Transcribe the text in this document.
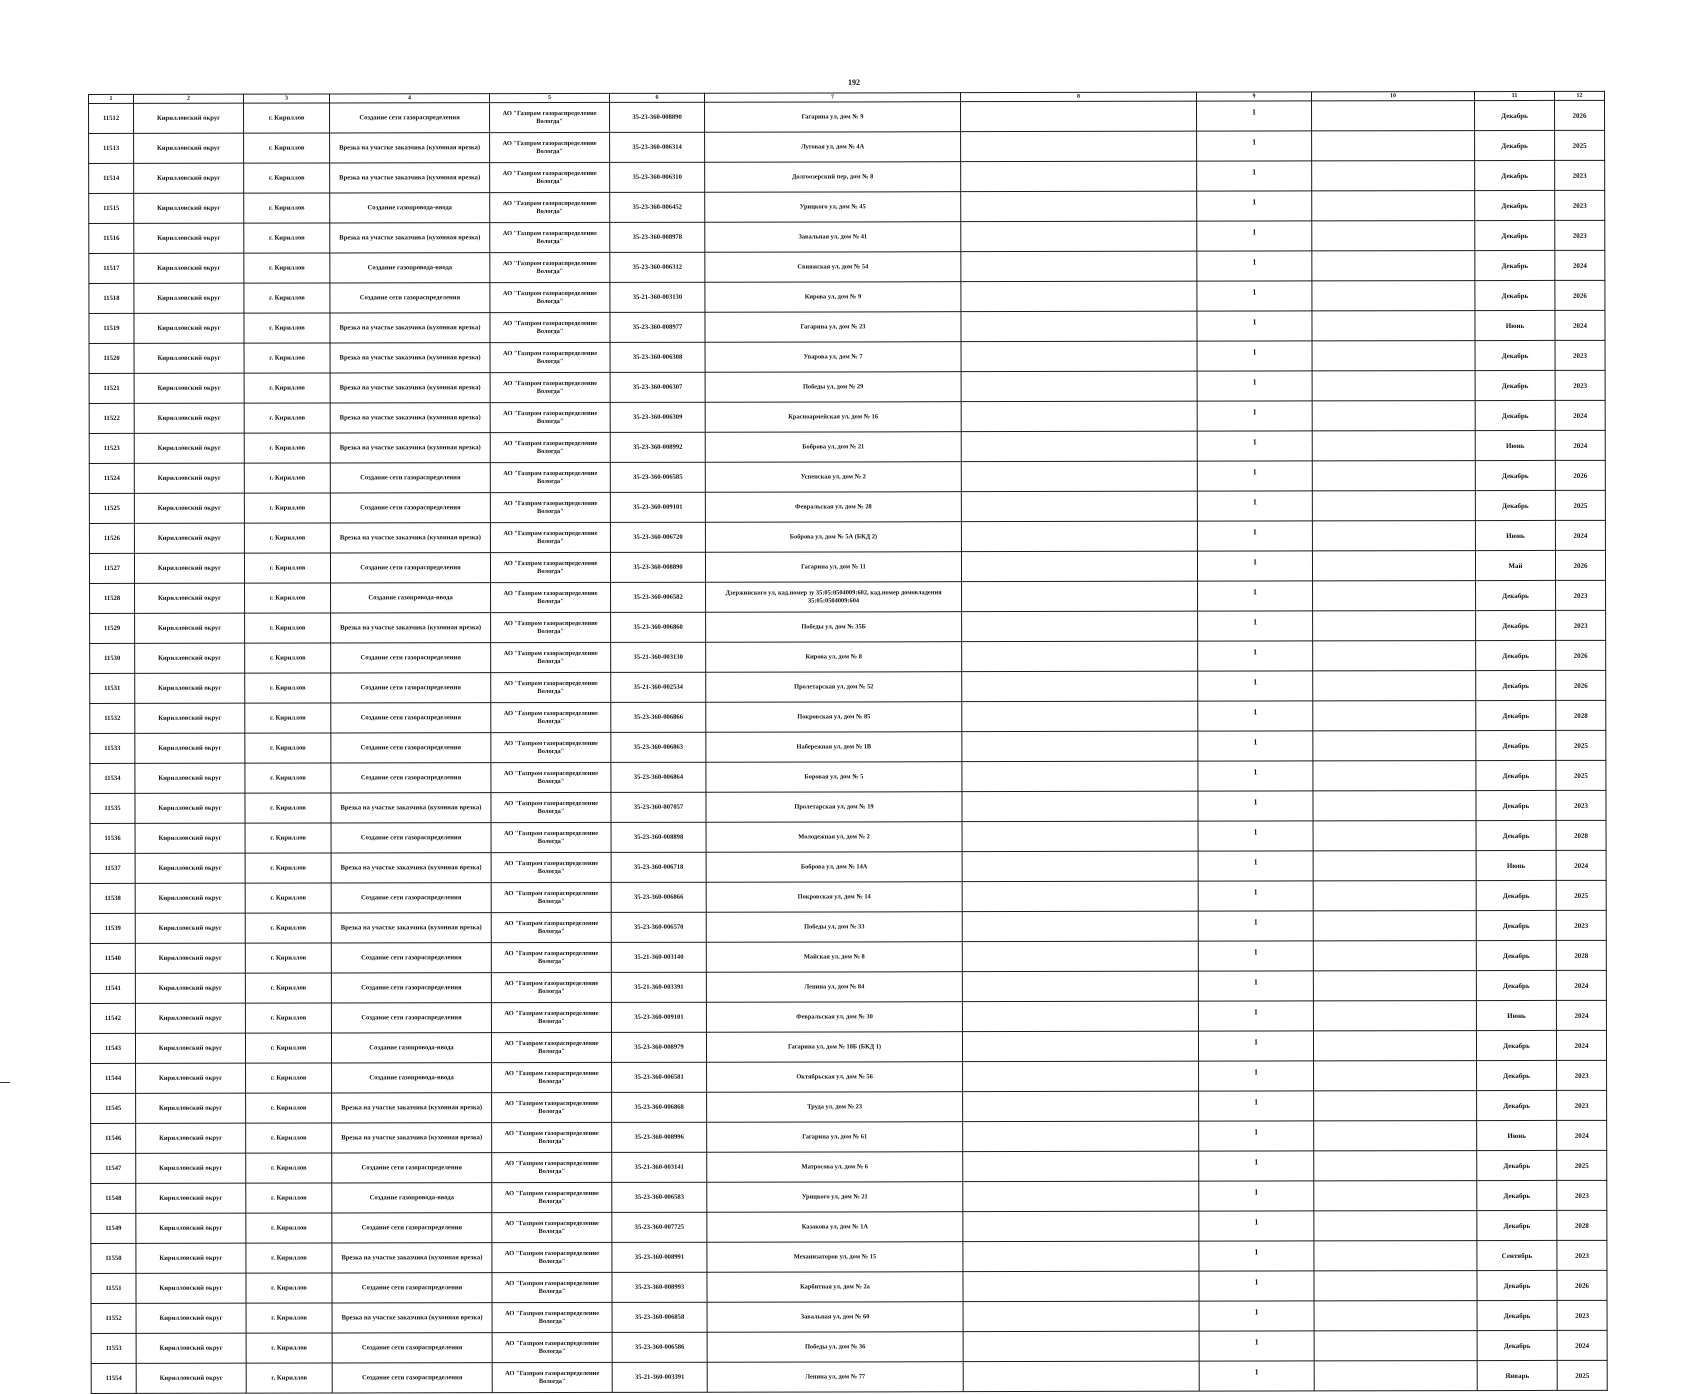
192
1	2	3	4	5	6	7	8	9	10	11	12
11512	Кирилловский округ	г. Кириллов	Создание сети газораспределения	АО "Газпром газораспределение Вологда"	35-23-360-008890	Гагарина ул, дом № 9		1		Декабрь	2026
11513	Кирилловский округ	г. Кириллов	Врезка на участке заказчика (кухонная врезка)	АО "Газпром газораспределение Вологда"	35-23-360-006314	Луговая ул, дом № 4А		1		Декабрь	2025
11514	Кирилловский округ	г. Кириллов	Врезка на участке заказчика (кухонная врезка)	АО "Газпром газораспределение Вологда"	35-23-360-006310	Долгоозерский пер, дом № 8		1		Декабрь	2023
11515	Кирилловский округ	г. Кириллов	Создание газопровода-ввода	АО "Газпром газораспределение Вологда"	35-23-360-006452	Урицкого ул, дом № 45		1		Декабрь	2023
11516	Кирилловский округ	г. Кириллов	Врезка на участке заказчика (кухонная врезка)	АО "Газпром газораспределение Вологда"	35-23-360-008978	Завальная ул, дом № 41		1		Декабрь	2023
11517	Кирилловский округ	г. Кириллов	Создание газопровода-ввода	АО "Газпром газораспределение Вологда"	35-23-360-006312	Свияжская ул, дом № 54		1		Декабрь	2024
11518	Кирилловский округ	г. Кириллов	Создание сети газораспределения	АО "Газпром газораспределение Вологда"	35-21-360-003130	Кирова ул, дом № 9		1		Декабрь	2026
11519	Кирилловский округ	г. Кириллов	Врезка на участке заказчика (кухонная врезка)	АО "Газпром газораспределение Вологда"	35-23-360-008977	Гагарина ул, дом № 23		1		Июнь	2024
11520	Кирилловский округ	г. Кириллов	Врезка на участке заказчика (кухонная врезка)	АО "Газпром газораспределение Вологда"	35-23-360-006308	Уварова ул, дом № 7		1		Декабрь	2023
11521	Кирилловский округ	г. Кириллов	Врезка на участке заказчика (кухонная врезка)	АО "Газпром газораспределение Вологда"	35-23-360-006307	Победы ул, дом № 29		1		Декабрь	2023
11522	Кирилловский округ	г. Кириллов	Врезка на участке заказчика (кухонная врезка)	АО "Газпром газораспределение Вологда"	35-23-360-006309	Красноармейская ул, дом № 16		1		Декабрь	2024
11523	Кирилловский округ	г. Кириллов	Врезка на участке заказчика (кухонная врезка)	АО "Газпром газораспределение Вологда"	35-23-360-008992	Боброва ул, дом № 21		1		Июнь	2024
11524	Кирилловский округ	г. Кириллов	Создание сети газораспределения	АО "Газпром газораспределение Вологда"	35-23-360-006585	Успенская ул, дом № 2		1		Декабрь	2026
11525	Кирилловский округ	г. Кириллов	Создание сети газораспределения	АО "Газпром газораспределение Вологда"	35-23-360-009101	Февральская ул, дом № 28		1		Декабрь	2025
11526	Кирилловский округ	г. Кириллов	Врезка на участке заказчика (кухонная врезка)	АО "Газпром газораспределение Вологда"	35-23-360-006720	Боброва ул, дом № 5А (БКД 2)		1		Июнь	2024
11527	Кирилловский округ	г. Кириллов	Создание сети газораспределения	АО "Газпром газораспределение Вологда"	35-23-360-008890	Гагарина ул, дом № 11		1		Май	2026
11528	Кирилловский округ	г. Кириллов	Создание газопровода-ввода	АО "Газпром газораспределение Вологда"	35-23-360-006582	Дзержинского ул, кад.номер зу 35:05:0504009:602, кад.номер домовладения 35:05:0504009:604		1		Декабрь	2023
11529	Кирилловский округ	г. Кириллов	Врезка на участке заказчика (кухонная врезка)	АО "Газпром газораспределение Вологда"	35-23-360-006860	Победы ул, дом № 35Б		1		Декабрь	2023
11530	Кирилловский округ	г. Кириллов	Создание сети газораспределения	АО "Газпром газораспределение Вологда"	35-21-360-003130	Кирова ул, дом № 8		1		Декабрь	2026
11531	Кирилловский округ	г. Кириллов	Создание сети газораспределения	АО "Газпром газораспределение Вологда"	35-21-360-002534	Пролетарская ул, дом № 52		1		Декабрь	2026
11532	Кирилловский округ	г. Кириллов	Создание сети газораспределения	АО "Газпром газораспределение Вологда"	35-23-360-006866	Покровская ул, дом № 85		1		Декабрь	2028
11533	Кирилловский округ	г. Кириллов	Создание сети газораспределения	АО "Газпром газораспределение Вологда"	35-23-360-006863	Набережная ул, дом № 1В		1		Декабрь	2025
11534	Кирилловский округ	г. Кириллов	Создание сети газораспределения	АО "Газпром газораспределение Вологда"	35-23-360-006864	Боровая ул, дом № 5		1		Декабрь	2025
11535	Кирилловский округ	г. Кириллов	Врезка на участке заказчика (кухонная врезка)	АО "Газпром газораспределение Вологда"	35-23-360-007057	Пролетарская ул, дом № 19		1		Декабрь	2023
11536	Кирилловский округ	г. Кириллов	Создание сети газораспределения	АО "Газпром газораспределение Вологда"	35-23-360-008898	Молодежная ул, дом № 2		1		Декабрь	2028
11537	Кирилловский округ	г. Кириллов	Врезка на участке заказчика (кухонная врезка)	АО "Газпром газораспределение Вологда"	35-23-360-006718	Боброва ул, дом № 14А		1		Июнь	2024
11538	Кирилловский округ	г. Кириллов	Создание сети газораспределения	АО "Газпром газораспределение Вологда"	35-23-360-006866	Покровская ул, дом № 14		1		Декабрь	2025
11539	Кирилловский округ	г. Кириллов	Врезка на участке заказчика (кухонная врезка)	АО "Газпром газораспределение Вологда"	35-23-360-006570	Победы ул, дом № 33		1		Декабрь	2023
11540	Кирилловский округ	г. Кириллов	Создание сети газораспределения	АО "Газпром газораспределение Вологда"	35-21-360-003140	Майская ул, дом № 8		1		Декабрь	2028
11541	Кирилловский округ	г. Кириллов	Создание сети газораспределения	АО "Газпром газораспределение Вологда"	35-21-360-003391	Ленина ул, дом № 84		1		Декабрь	2024
11542	Кирилловский округ	г. Кириллов	Создание сети газораспределения	АО "Газпром газораспределение Вологда"	35-23-360-009101	Февральская ул, дом № 30		1		Июнь	2024
11543	Кирилловский округ	г. Кириллов	Создание газопровода-ввода	АО "Газпром газораспределение Вологда"	35-23-360-008979	Гагарина ул, дом № 18Б (БКД 1)		1		Декабрь	2024
11544	Кирилловский округ	г. Кириллов	Создание газопровода-ввода	АО "Газпром газораспределение Вологда"	35-23-360-006581	Октябрьская ул, дом № 56		1		Декабрь	2023
11545	Кирилловский округ	г. Кириллов	Врезка на участке заказчика (кухонная врезка)	АО "Газпром газораспределение Вологда"	35-23-360-006868	Труда ул, дом № 23		1		Декабрь	2023
11546	Кирилловский округ	г. Кириллов	Врезка на участке заказчика (кухонная врезка)	АО "Газпром газораспределение Вологда"	35-23-360-008996	Гагарина ул, дом № 61		1		Июнь	2024
11547	Кирилловский округ	г. Кириллов	Создание сети газораспределения	АО "Газпром газораспределение Вологда"	35-21-360-003141	Матросова ул, дом № 6		1		Декабрь	2025
11548	Кирилловский округ	г. Кириллов	Создание газопровода-ввода	АО "Газпром газораспределение Вологда"	35-23-360-006583	Урицкого ул, дом № 21		1		Декабрь	2023
11549	Кирилловский округ	г. Кириллов	Создание сети газораспределения	АО "Газпром газораспределение Вологда"	35-23-360-007725	Казакова ул, дом № 1А		1		Декабрь	2028
11550	Кирилловский округ	г. Кириллов	Врезка на участке заказчика (кухонная врезка)	АО "Газпром газораспределение Вологда"	35-23-360-008991	Механизаторов ул, дом № 15		1		Сентябрь	2023
11551	Кирилловский округ	г. Кириллов	Создание сети газораспределения	АО "Газпром газораспределение Вологда"	35-23-360-008993	Карбитная ул, дом № 2а		1		Декабрь	2026
11552	Кирилловский округ	г. Кириллов	Врезка на участке заказчика (кухонная врезка)	АО "Газпром газораспределение Вологда"	35-23-360-006858	Завальная ул, дом № 60		1		Декабрь	2023
11553	Кирилловский округ	г. Кириллов	Создание сети газораспределения	АО "Газпром газораспределение Вологда"	35-23-360-006586	Победы ул, дом № 36		1		Декабрь	2024
11554	Кирилловский округ	г. Кириллов	Создание сети газораспределения	АО "Газпром газораспределение Вологда"	35-21-360-003391	Ленина ул, дом № 77		1		Январь	2025
